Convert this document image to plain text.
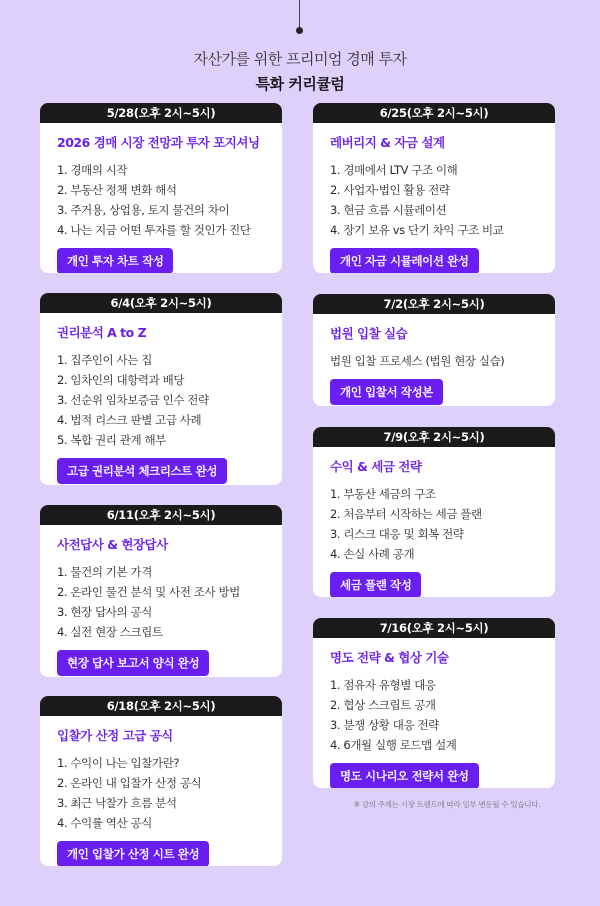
자산가를 위한 프리미엄 경매 투자
특화 커리큘럼
5/28(오후 2시~5시)
2026 경매 시장 전망과 투자 포지셔닝
1. 경매의 시작
2. 부동산 정책 변화 해석
3. 주거용, 상업용, 토지 물건의 차이
4. 나는 지금 어떤 투자를 할 것인가 진단
개인 투자 차트 작성
6/4(오후 2시~5시)
권리분석 A to Z
1. 집주인이 사는 집
2. 임차인의 대항력과 배당
3. 선순위 임차보증금 인수 전략
4. 법적 리스크 판별 고급 사례
5. 복합 권리 관계 해부
고급 권리분석 체크리스트 완성
6/11(오후 2시~5시)
사전답사 & 현장답사
1. 물건의 기본 가격
2. 온라인 물건 분석 및 사전 조사 방법
3. 현장 답사의 공식
4. 실전 현장 스크립트
현장 답사 보고서 양식 완성
6/18(오후 2시~5시)
입찰가 산정 고급 공식
1. 수익이 나는 입찰가란?
2. 온라인 내 입찰가 산정 공식
3. 최근 낙찰가 흐름 분석
4. 수익률 역산 공식
개인 입찰가 산정 시트 완성
6/25(오후 2시~5시)
레버리지 & 자금 설계
1. 경매에서 LTV 구조 이해
2. 사업자·법인 활용 전략
3. 현금 흐름 시뮬레이션
4. 장기 보유 vs 단기 차익 구조 비교
개인 자금 시뮬레이션 완성
7/2(오후 2시~5시)
법원 입찰 실습
법원 입찰 프로세스 (법원 현장 실습)
개인 입찰서 작성본
7/9(오후 2시~5시)
수익 & 세금 전략
1. 부동산 세금의 구조
2. 처음부터 시작하는 세금 플랜
3. 리스크 대응 및 회복 전략
4. 손실 사례 공개
세금 플랜 작성
7/16(오후 2시~5시)
명도 전략 & 협상 기술
1. 점유자 유형별 대응
2. 협상 스크립트 공개
3. 분쟁 상황 대응 전략
4. 6개월 실행 로드맵 설계
명도 시나리오 전략서 완성
※ 강의 주제는 시장 트렌드에 따라 일부 변동될 수 있습니다.
